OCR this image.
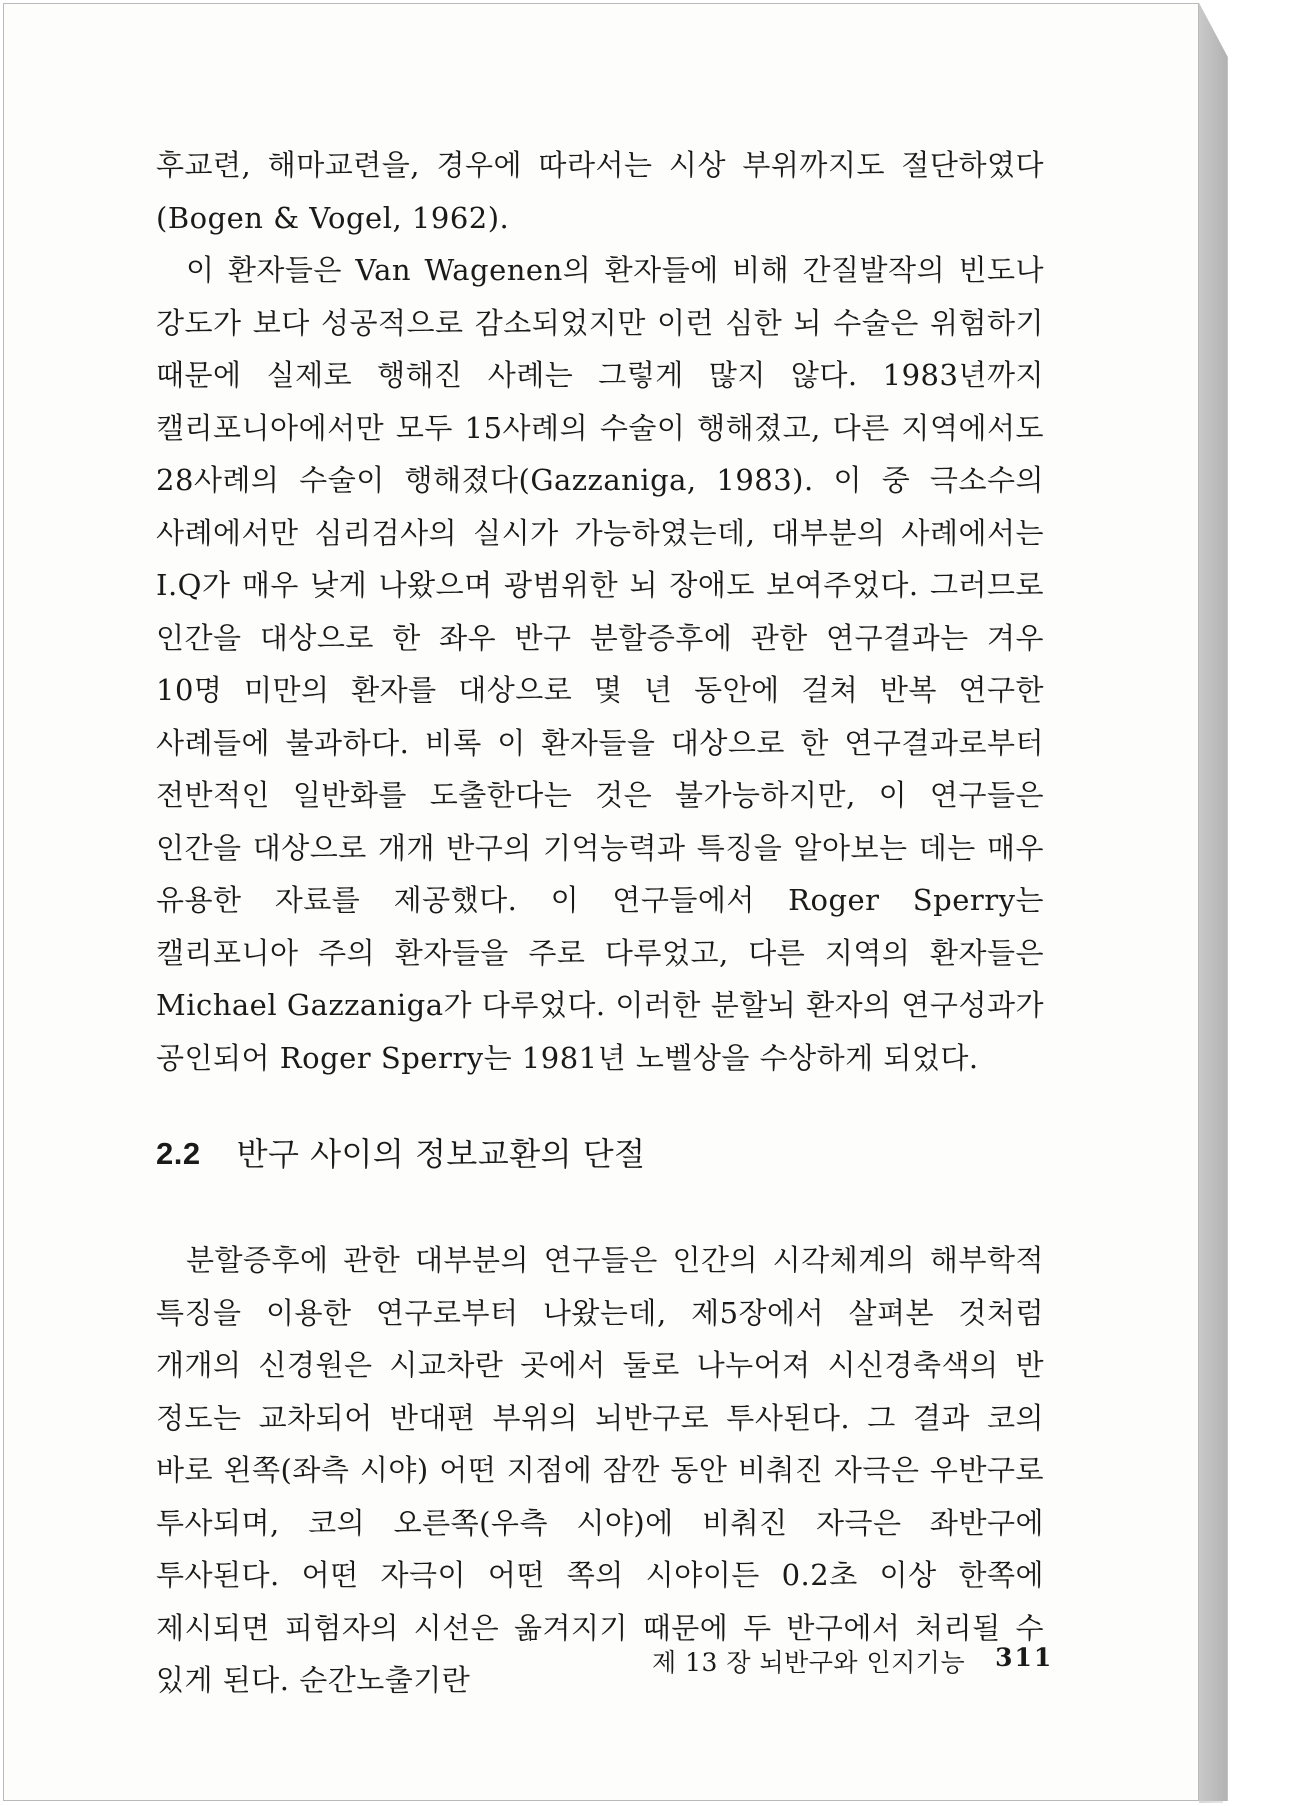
후교련, 해마교련을, 경우에 따라서는 시상 부위까지도 절단하였다 (Bogen & Vogel, 1962).

이 환자들은 Van Wagenen의 환자들에 비해 간질발작의 빈도나 강도가 보다 성공적으로 감소되었지만 이런 심한 뇌 수술은 위험하기 때문에 실제로 행해진 사례는 그렇게 많지 않다. 1983년까지 캘리포니아에서만 모두 15사례의 수술이 행해졌고, 다른 지역에서도 28사례의 수술이 행해졌다(Gazzaniga, 1983). 이 중 극소수의 사례에서만 심리검사의 실시가 가능하였는데, 대부분의 사례에서는 I.Q가 매우 낮게 나왔으며 광범위한 뇌 장애도 보여주었다. 그러므로 인간을 대상으로 한 좌우 반구 분할증후에 관한 연구결과는 겨우 10명 미만의 환자를 대상으로 몇 년 동안에 걸쳐 반복 연구한 사례들에 불과하다. 비록 이 환자들을 대상으로 한 연구결과로부터 전반적인 일반화를 도출한다는 것은 불가능하지만, 이 연구들은 인간을 대상으로 개개 반구의 기억능력과 특징을 알아보는 데는 매우 유용한 자료를 제공했다. 이 연구들에서 Roger Sperry는 캘리포니아 주의 환자들을 주로 다루었고, 다른 지역의 환자들은 Michael Gazzaniga가 다루었다. 이러한 분할뇌 환자의 연구성과가 공인되어 Roger Sperry는 1981년 노벨상을 수상하게 되었다.

2.2 반구 사이의 정보교환의 단절

분할증후에 관한 대부분의 연구들은 인간의 시각체계의 해부학적 특징을 이용한 연구로부터 나왔는데, 제5장에서 살펴본 것처럼 개개의 신경원은 시교차란 곳에서 둘로 나누어져 시신경축색의 반 정도는 교차되어 반대편 부위의 뇌반구로 투사된다. 그 결과 코의 바로 왼쪽(좌측 시야) 어떤 지점에 잠깐 동안 비춰진 자극은 우반구로 투사되며, 코의 오른쪽(우측 시야)에 비춰진 자극은 좌반구에 투사된다. 어떤 자극이 어떤 쪽의 시야이든 0.2초 이상 한쪽에 제시되면 피험자의 시선은 옮겨지기 때문에 두 반구에서 처리될 수 있게 된다. 순간노출기란

제 13 장 뇌반구와 인지기능 311
